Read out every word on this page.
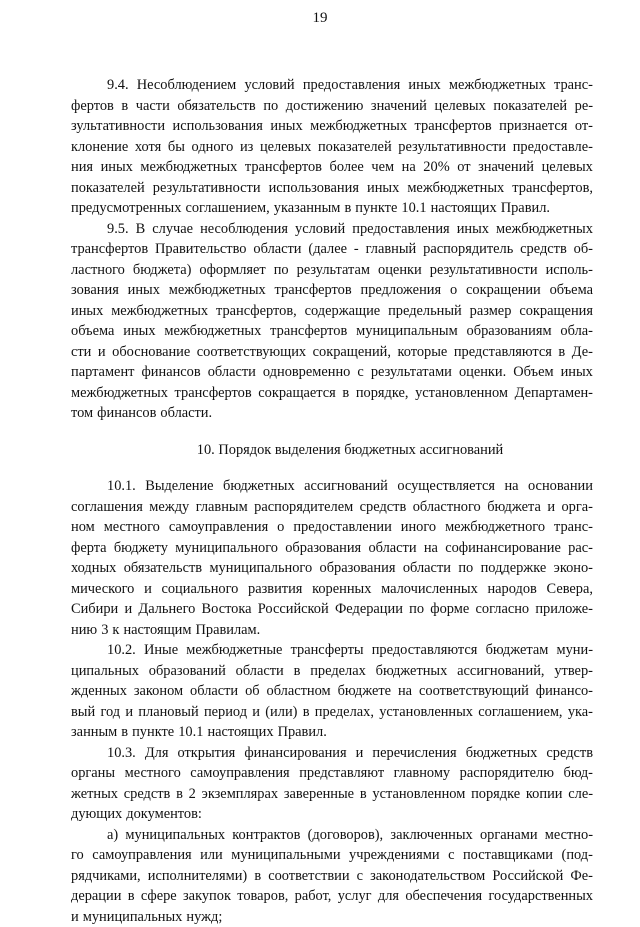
19
9.4. Несоблюдением условий предоставления иных межбюджетных транс-
фертов в части обязательств по достижению значений целевых показателей ре-
зультативности использования иных межбюджетных трансфертов признается от-
клонение хотя бы одного из целевых показателей результативности предоставле-
ния иных межбюджетных трансфертов более чем на 20% от значений целевых
показателей результативности использования иных межбюджетных трансфертов,
предусмотренных соглашением, указанным в пункте 10.1 настоящих Правил.
9.5. В случае несоблюдения условий предоставления иных межбюджетных
трансфертов Правительство области (далее - главный распорядитель средств об-
ластного бюджета) оформляет по результатам оценки результативности исполь-
зования иных межбюджетных трансфертов предложения о сокращении объема
иных межбюджетных трансфертов, содержащие предельный размер сокращения
объема иных межбюджетных трансфертов муниципальным образованиям обла-
сти и обоснование соответствующих сокращений, которые представляются в Де-
партамент финансов области одновременно с результатами оценки. Объем иных
межбюджетных трансфертов сокращается в порядке, установленном Департамен-
том финансов области.
10. Порядок выделения бюджетных ассигнований
10.1. Выделение бюджетных ассигнований осуществляется на основании
соглашения между главным распорядителем средств областного бюджета и орга-
ном местного самоуправления о предоставлении иного межбюджетного транс-
ферта бюджету муниципального образования области на софинансирование рас-
ходных обязательств муниципального образования области по поддержке эконо-
мического и социального развития коренных малочисленных народов Севера,
Сибири и Дальнего Востока Российской Федерации по форме согласно приложе-
нию 3 к настоящим Правилам.
10.2. Иные межбюджетные трансферты предоставляются бюджетам муни-
ципальных образований области в пределах бюджетных ассигнований, утвер-
жденных законом области об областном бюджете на соответствующий финансо-
вый год и плановый период и (или) в пределах, установленных соглашением, ука-
занным в пункте 10.1 настоящих Правил.
10.3. Для открытия финансирования и перечисления бюджетных средств
органы местного самоуправления представляют главному распорядителю бюд-
жетных средств в 2 экземплярах заверенные в установленном порядке копии сле-
дующих документов:
а) муниципальных контрактов (договоров), заключенных органами местно-
го самоуправления или муниципальными учреждениями с поставщиками (под-
рядчиками, исполнителями) в соответствии с законодательством Российской Фе-
дерации в сфере закупок товаров, работ, услуг для обеспечения государственных
и муниципальных нужд;
